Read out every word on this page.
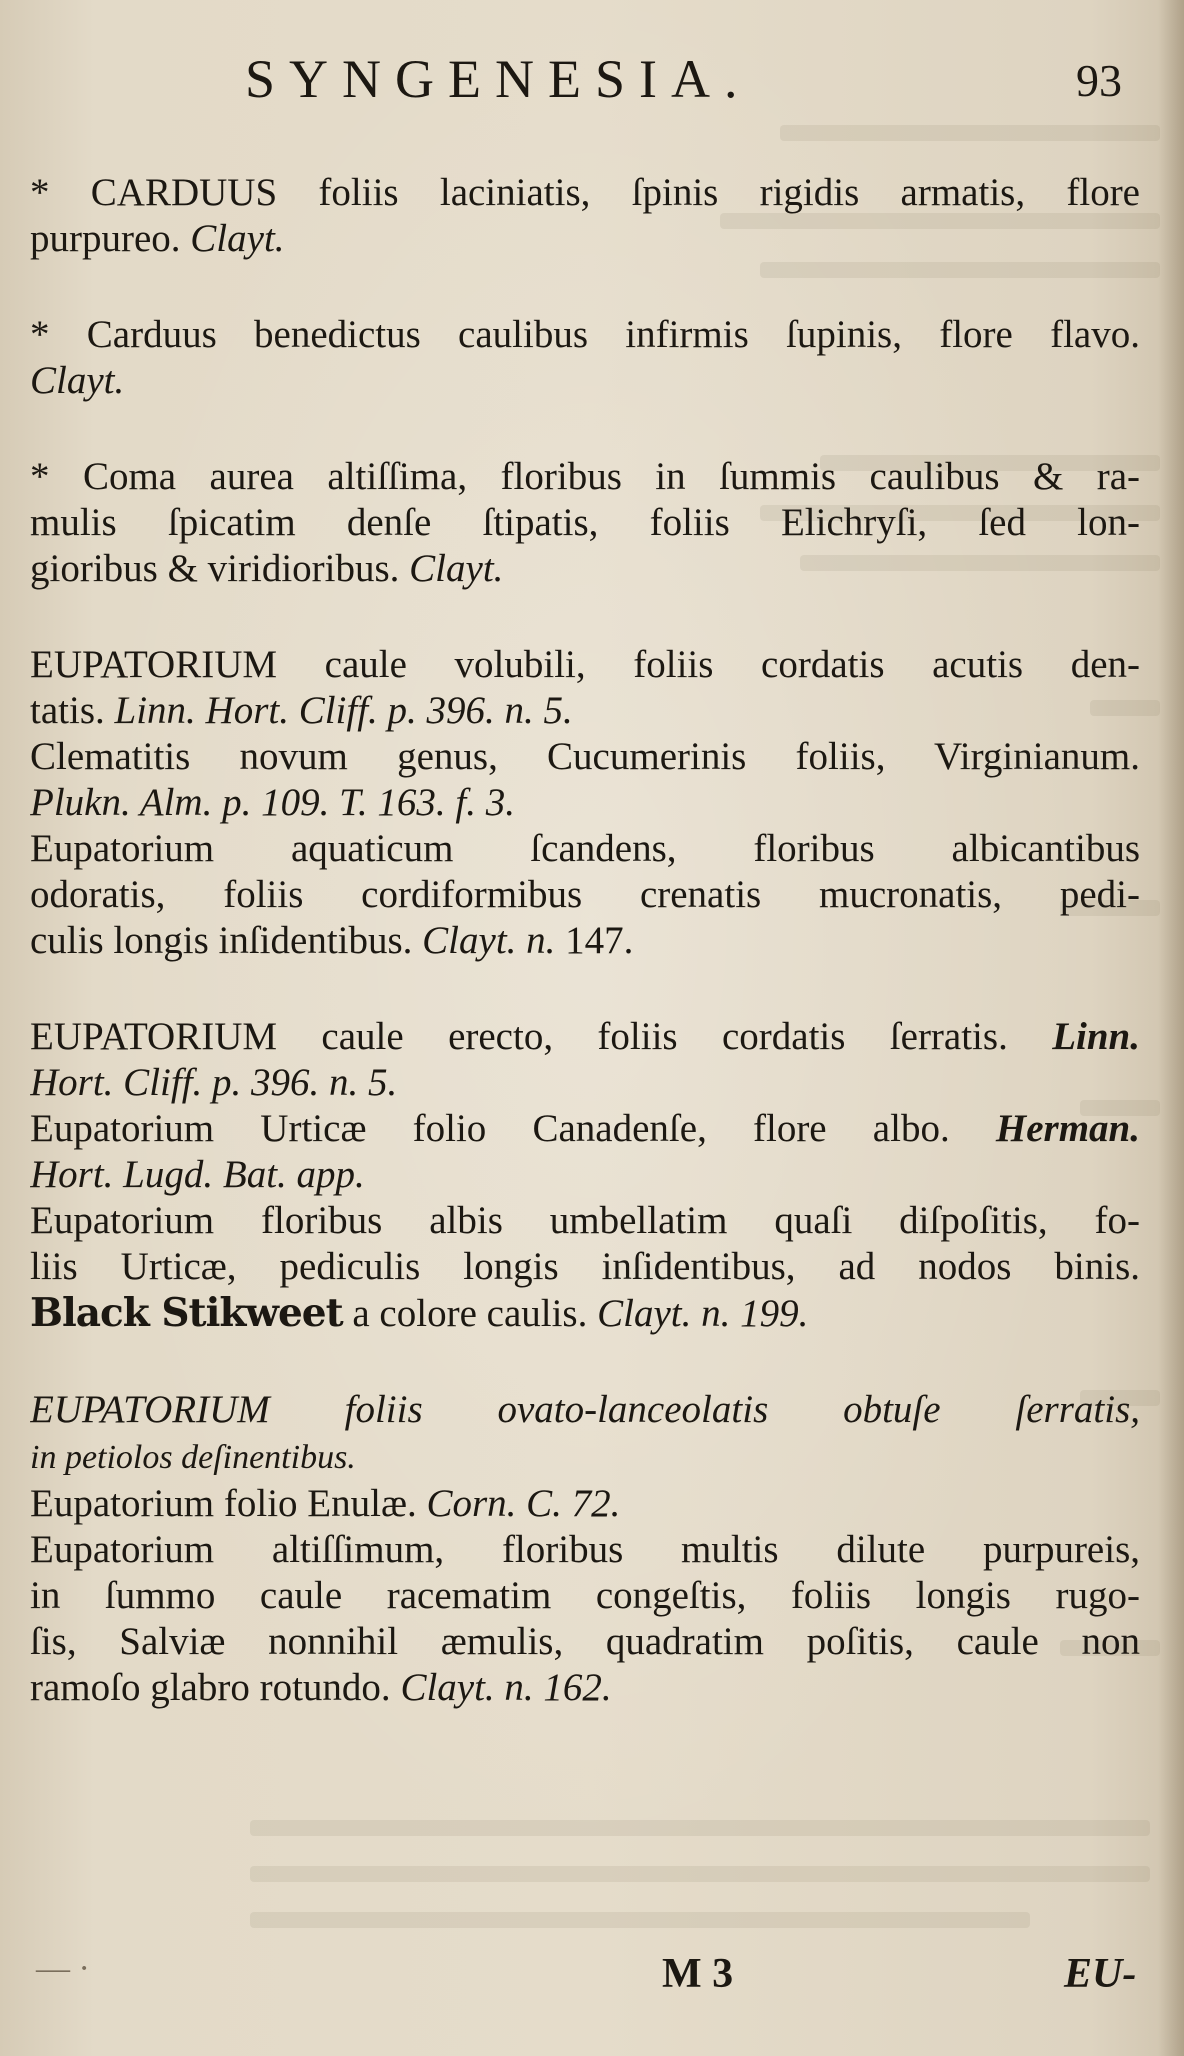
SYNGENESIA.	93
* CARDUUS foliis laciniatis, ſpinis rigidis armatis, flore
purpureo. Clayt.
* Carduus benedictus caulibus infirmis ſupinis, flore flavo.
Clayt.
* Coma aurea altiſſima, floribus in ſummis caulibus & ra-
mulis ſpicatim denſe ſtipatis, foliis Elichryſi, ſed lon-
gioribus & viridioribus. Clayt.
EUPATORIUM caule volubili, foliis cordatis acutis den-
tatis. Linn. Hort. Cliff. p. 396. n. 5.
Clematitis novum genus, Cucumerinis foliis, Virginianum.
Plukn. Alm. p. 109. T. 163. f. 3.
Eupatorium aquaticum ſcandens, floribus albicantibus
odoratis, foliis cordiformibus crenatis mucronatis, pedi-
culis longis inſidentibus. Clayt. n. 147.
EUPATORIUM caule erecto, foliis cordatis ſerratis. Linn.
Hort. Cliff. p. 396. n. 5.
Eupatorium Urticæ folio Canadenſe, flore albo. Herman.
Hort. Lugd. Bat. app.
Eupatorium floribus albis umbellatim quaſi diſpoſitis, fo-
liis Urticæ, pediculis longis inſidentibus, ad nodos binis.
Black Stikweet a colore caulis. Clayt. n. 199.
EUPATORIUM foliis ovato-lanceolatis obtuſe ſerratis,
in petiolos deſinentibus.
Eupatorium folio Enulæ. Corn. C. 72.
Eupatorium altiſſimum, floribus multis dilute purpureis,
in ſummo caule racematim congeſtis, foliis longis rugo-
ſis, Salviæ nonnihil æmulis, quadratim poſitis, caule non
ramoſo glabro rotundo. Clayt. n. 162.
— ·	M 3	EU-
